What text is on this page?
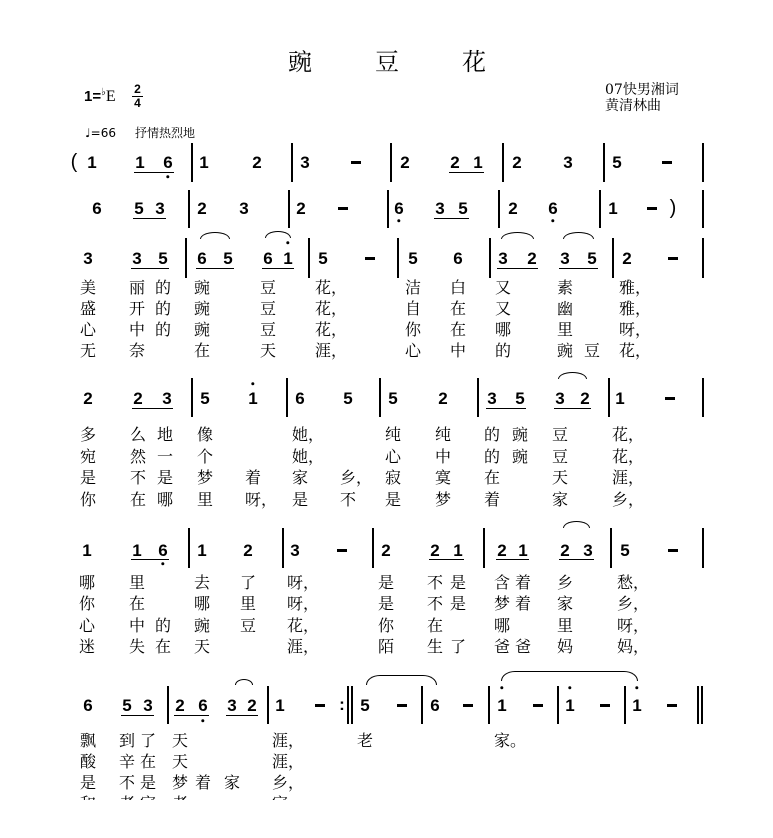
豌	豆	花
$1=^♭E \frac{2}{4}$	07快男湘词
黄清林曲
♩=66 抒情热烈地
( 1 1 6 1	2 3	2 2 1 2 3 5
6 5 3 2 3	2	6 3 5 2 6	1	)
3 3 5 6 5 6 1 5	5 6 3 2 3 5 2
美 丽 的 豌	豆 花，	洁 白 又	素	雅，
盛 开 的 豌	豆 花，	自 在 又	幽	雅，
心 中 的 豌	豆 花，	你 在 哪	里	呀，
无 奈	在	天 涯，	心 中 的	豌 豆 花，
2 2 3 5 1 6 5 5 2 3 5 3 2 1
多 么 地 像	她，	纯 纯 的 豌 豆	花，
宛 然 一 个	她，	心 中 的 豌 豆	花，
是 不 是 梦 着 家 乡， 寂 寞 在	天	涯，
你 在 哪 里 呀， 是 不 是 梦 着	家	乡，
1 1 6 1 2 3	2 2 1 2 1 2 3 5
哪 里	去 了 呀，	是 不 是 含 着 乡	愁，
你 在	哪 里 呀，	是 不 是 梦 着 家	乡，
心 中 的 豌 豆 花，	你 在	哪	里	呀，
迷 失 在 天	涯，	陌 生 了 爸 爸 妈	妈，
6 5 3 2 6 3 2 1	: 5	6	1	1	1
飘 到 了 天	涯，	老	家。
酸 辛 在 天	涯，
是 不 是 梦 着 家 乡，
